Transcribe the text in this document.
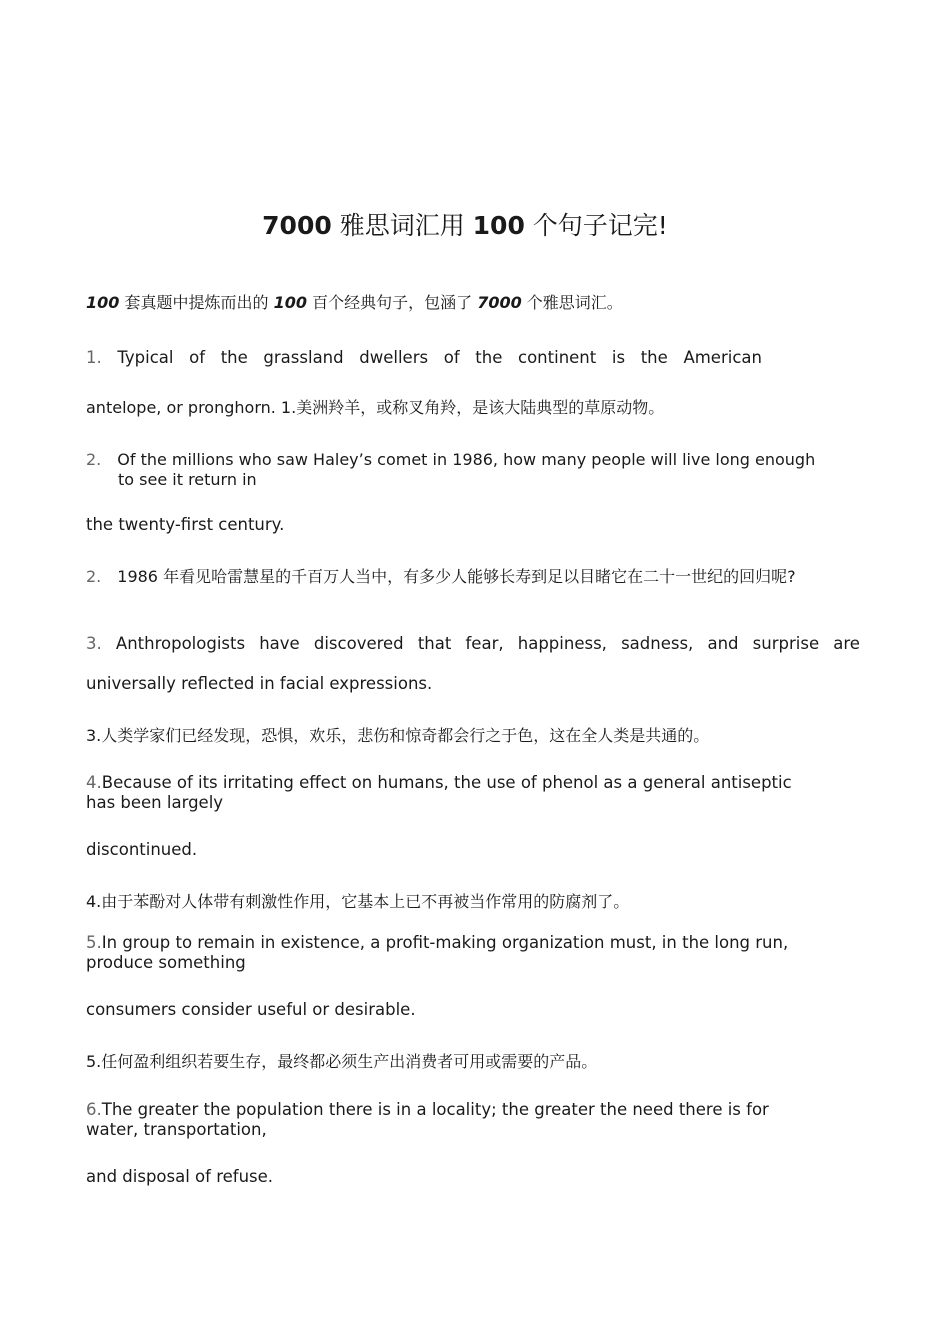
7000 雅思词汇用 100 个句子记完!
100 套真题中提炼而出的 100 百个经典句子，包涵了 7000 个雅思词汇。
1. Typical of the grassland dwellers of the continent is the American
antelope, or pronghorn. 1.美洲羚羊，或称叉角羚，是该大陆典型的草原动物。
2. Of the millions who saw Haley’s comet in 1986, how many people will live long enough
to see it return in
the twenty-first century.
2. 1986 年看见哈雷慧星的千百万人当中，有多少人能够长寿到足以目睹它在二十一世纪的回归呢?
3. Anthropologists have discovered that fear, happiness, sadness, and surprise are
universally reflected in facial expressions.
3.人类学家们已经发现，恐惧，欢乐，悲伤和惊奇都会行之于色，这在全人类是共通的。
4.Because of its irritating effect on humans, the use of phenol as a general antiseptic
has been largely
discontinued.
4.由于苯酚对人体带有刺激性作用，它基本上已不再被当作常用的防腐剂了。
5.In group to remain in existence, a profit-making organization must, in the long run,
produce something
consumers consider useful or desirable.
5.任何盈利组织若要生存，最终都必须生产出消费者可用或需要的产品。
6.The greater the population there is in a locality; the greater the need there is for
water, transportation,
and disposal of refuse.
